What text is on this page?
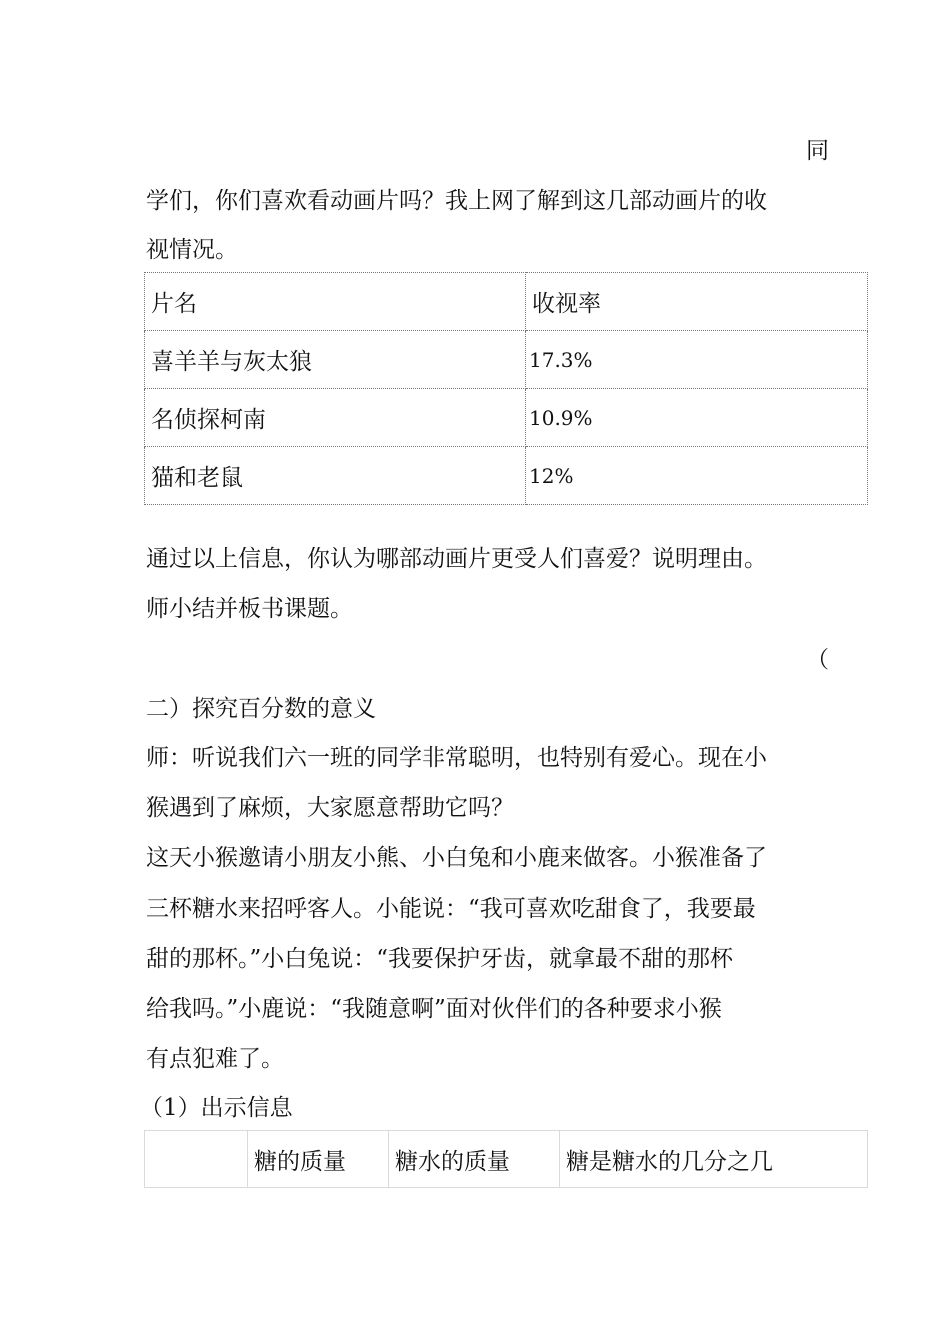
同
学们，你们喜欢看动画片吗？我上网了解到这几部动画片的收
视情况。
片名	收视率
喜羊羊与灰太狼	17.3%
名侦探柯南	10.9%
猫和老鼠	12%
通过以上信息，你认为哪部动画片更受人们喜爱？说明理由。
师小结并板书课题。
（
二）探究百分数的意义
师：听说我们六一班的同学非常聪明，也特别有爱心。现在小
猴遇到了麻烦，大家愿意帮助它吗？
这天小猴邀请小朋友小熊、小白兔和小鹿来做客。小猴准备了
三杯糖水来招呼客人。小能说：“我可喜欢吃甜食了，我要最
甜的那杯。”小白兔说：“我要保护牙齿，就拿最不甜的那杯
给我吗。”小鹿说：“我随意啊”面对伙伴们的各种要求小猴
有点犯难了。
（1）出示信息
	糖的质量	糖水的质量	糖是糖水的几分之几
